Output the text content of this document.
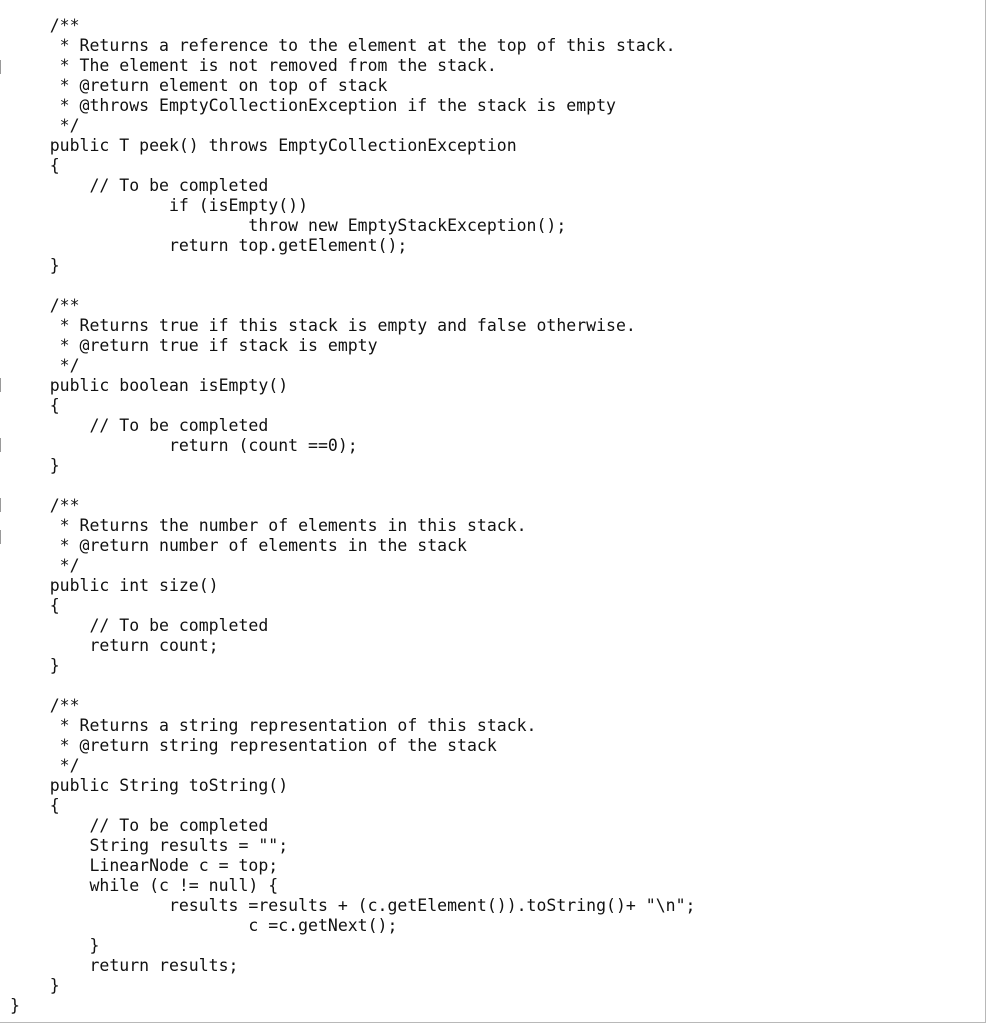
/**
* Returns a reference to the element at the top of this stack.
* The element is not removed from the stack.
* @return element on top of stack
* @throws EmptyCollectionException if the stack is empty
*/
public T peek() throws EmptyCollectionException
{
// To be completed
if (isEmpty())
throw new EmptyStackException();
return top.getElement();
}
/**
* Returns true if this stack is empty and false otherwise.
* @return true if stack is empty
*/
public boolean isEmpty()
{
// To be completed
return (count ==0);
}
/**
* Returns the number of elements in this stack.
* @return number of elements in the stack
*/
public int size()
{
// To be completed
return count;
}
/**
* Returns a string representation of this stack.
* @return string representation of the stack
*/
public String toString()
{
// To be completed
String results = "";
LinearNode c = top;
while (c != null) {
results =results + (c.getElement()).toString()+ "\n";
c =c.getNext();
}
return results;
}
}
